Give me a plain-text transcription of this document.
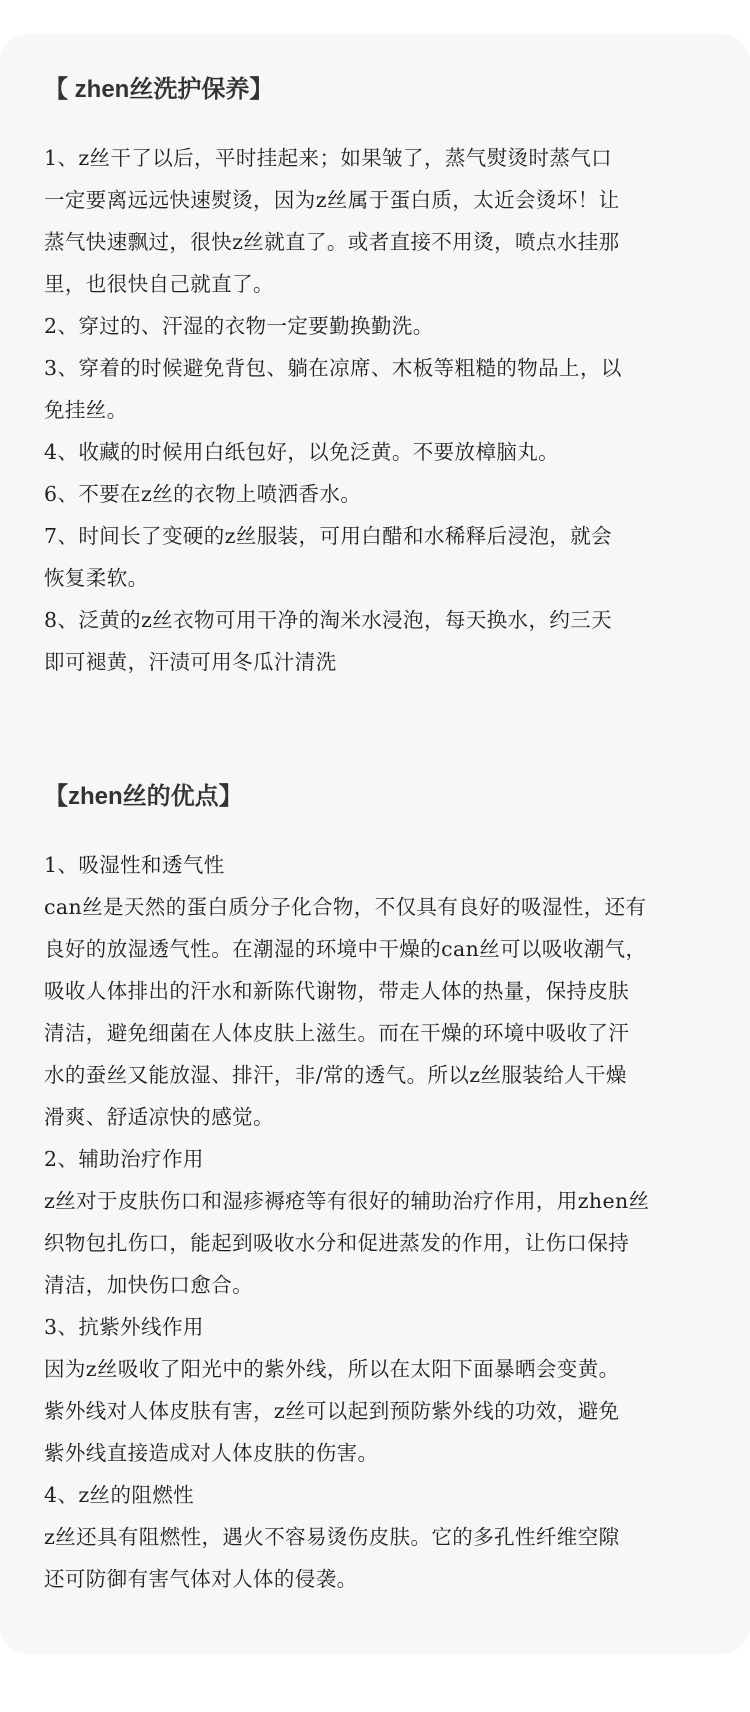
【 zhen丝洗护保养】
1、z丝干了以后，平时挂起来；如果皱了，蒸气熨烫时蒸气口
一定要离远远快速熨烫，因为z丝属于蛋白质，太近会烫坏！让
蒸气快速飘过，很快z丝就直了。或者直接不用烫，喷点水挂那
里，也很快自己就直了。
2、穿过的、汗湿的衣物一定要勤换勤洗。
3、穿着的时候避免背包、躺在凉席、木板等粗糙的物品上，以
免挂丝。
4、收藏的时候用白纸包好，以免泛黄。不要放樟脑丸。
6、不要在z丝的衣物上喷洒香水。
7、时间长了变硬的z丝服装，可用白醋和水稀释后浸泡，就会
恢复柔软。
8、泛黄的z丝衣物可用干净的淘米水浸泡，每天换水，约三天
即可褪黄，汗渍可用冬瓜汁清洗
【zhen丝的优点】
1、吸湿性和透气性
can丝是天然的蛋白质分子化合物，不仅具有良好的吸湿性，还有
良好的放湿透气性。在潮湿的环境中干燥的can丝可以吸收潮气，
吸收人体排出的汗水和新陈代谢物，带走人体的热量，保持皮肤
清洁，避免细菌在人体皮肤上滋生。而在干燥的环境中吸收了汗
水的蚕丝又能放湿、排汗，非/常的透气。所以z丝服装给人干燥
滑爽、舒适凉快的感觉。
2、辅助治疗作用
z丝对于皮肤伤口和湿疹褥疮等有很好的辅助治疗作用，用zhen丝
织物包扎伤口，能起到吸收水分和促进蒸发的作用，让伤口保持
清洁，加快伤口愈合。
3、抗紫外线作用
因为z丝吸收了阳光中的紫外线，所以在太阳下面暴晒会变黄。
紫外线对人体皮肤有害，z丝可以起到预防紫外线的功效，避免
紫外线直接造成对人体皮肤的伤害。
4、z丝的阻燃性
z丝还具有阻燃性，遇火不容易烫伤皮肤。它的多孔性纤维空隙
还可防御有害气体对人体的侵袭。
